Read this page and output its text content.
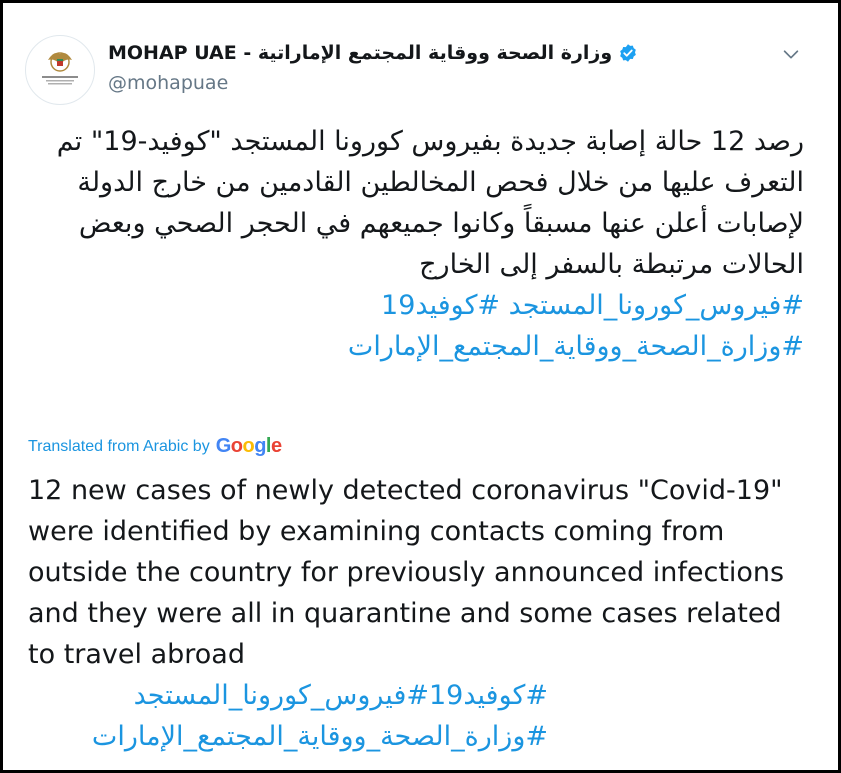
MOHAP UAE - وزارة الصحة ووقاية المجتمع الإماراتية
@mohapuae
رصد 12 حالة إصابة جديدة بفيروس كورونا المستجد "كوفيد-19" تم التعرف عليها من خلال فحص المخالطين القادمين من خارج الدولة لإصابات أعلن عنها مسبقاً وكانوا جميعهم في الحجر الصحي وبعض الحالات مرتبطة بالسفر إلى الخارج
#فيروس_كورونا_المستجد #كوفيد19
#وزارة_الصحة_ووقاية_المجتمع_الإمارات
Translated from Arabic by Google
12 new cases of newly detected coronavirus "Covid-19" were identified by examining contacts coming from outside the country for previously announced infections and they were all in quarantine and some cases related to travel abroad
#كوفيد19#فيروس_كورونا_المستجد
#وزارة_الصحة_ووقاية_المجتمع_الإمارات
